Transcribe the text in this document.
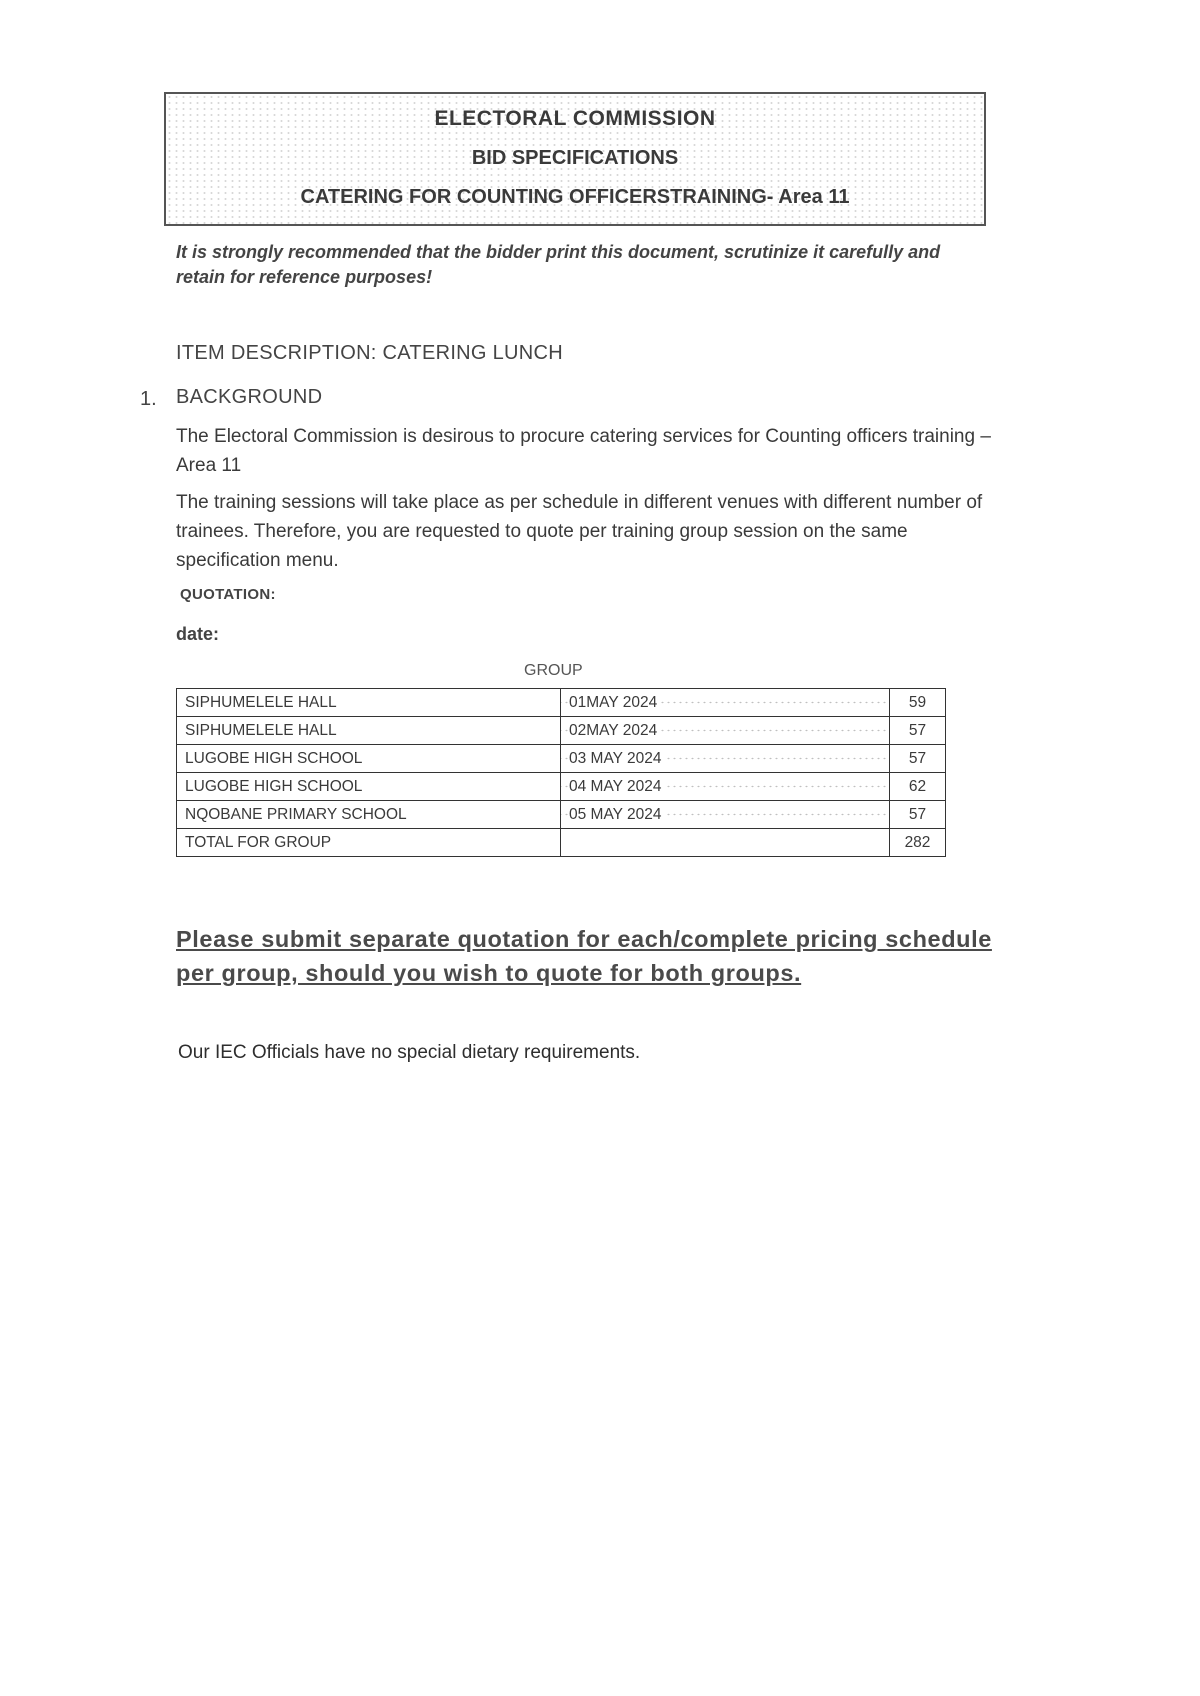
ELECTORAL COMMISSION
BID SPECIFICATIONS
CATERING FOR COUNTING OFFICERSTRAINING- Area 11
It is strongly recommended that the bidder print this document, scrutinize it carefully and retain for reference purposes!
ITEM DESCRIPTION: CATERING LUNCH
1. BACKGROUND
The Electoral Commission is desirous to procure catering services for Counting officers training – Area 11
The training sessions will take place as per schedule in different venues with different number of trainees. Therefore, you are requested to quote per training group session on the same specification menu.
QUOTATION:
date:
GROUP
SIPHUMELELE HALL	01MAY 2024	59
SIPHUMELELE HALL	02MAY 2024	57
LUGOBE HIGH SCHOOL	03 MAY 2024	57
LUGOBE HIGH SCHOOL	04 MAY 2024	62
NQOBANE PRIMARY SCHOOL	05 MAY 2024	57
TOTAL FOR GROUP		282
Please submit separate quotation for each/complete pricing schedule per group, should you wish to quote for both groups.
Our IEC Officials have no special dietary requirements.
